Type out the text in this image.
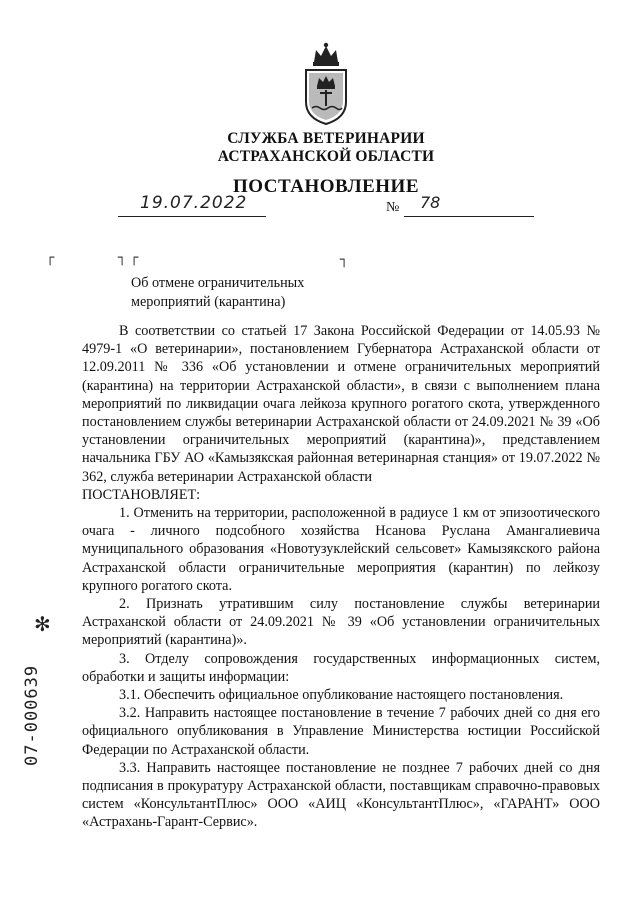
СЛУЖБА ВЕТЕРИНАРИИ
АСТРАХАНСКОЙ ОБЛАСТИ
ПОСТАНОВЛЕНИЕ
19.07.2022	№ 78
┌	┐ ┌	┐
Об отмене ограничительных
мероприятий (карантина)

В соответствии со статьей 17 Закона Российской Федерации от 14.05.93 № 4979-1 «О ветеринарии», постановлением Губернатора Астраханской области от 12.09.2011 № 336 «Об установлении и отмене ограничительных мероприятий (карантина) на территории Астраханской области», в связи с выполнением плана мероприятий по ликвидации очага лейкоза крупного рогатого скота, утвержденного постановлением службы ветеринарии Астраханской области от 24.09.2021 № 39 «Об установлении ограничительных мероприятий (карантина)», представлением начальника ГБУ АО «Камызякская районная ветеринарная станция» от 19.07.2022 № 362, служба ветеринарии Астраханской области

ПОСТАНОВЛЯЕТ:

1. Отменить на территории, расположенной в радиусе 1 км от эпизоотического очага - личного подсобного хозяйства Нсанова Руслана Амангалиевича муниципального образования «Новотузуклейский сельсовет» Камызякского района Астраханской области ограничительные мероприятия (карантин) по лейкозу крупного рогатого скота.

2. Признать утратившим силу постановление службы ветеринарии Астраханской области от 24.09.2021 № 39 «Об установлении ограничительных мероприятий (карантина)».

3. Отделу сопровождения государственных информационных систем, обработки и защиты информации:

3.1. Обеспечить официальное опубликование настоящего постановления.

3.2. Направить настоящее постановление в течение 7 рабочих дней со дня его официального опубликования в Управление Министерства юстиции Российской Федерации по Астраханской области.

3.3. Направить настоящее постановление не позднее 7 рабочих дней со дня подписания в прокуратуру Астраханской области, поставщикам справочно-правовых систем «КонсультантПлюс» ООО «АИЦ «КонсультантПлюс», «ГАРАНТ» ООО «Астрахань-Гарант-Сервис».

✻
07-000639
